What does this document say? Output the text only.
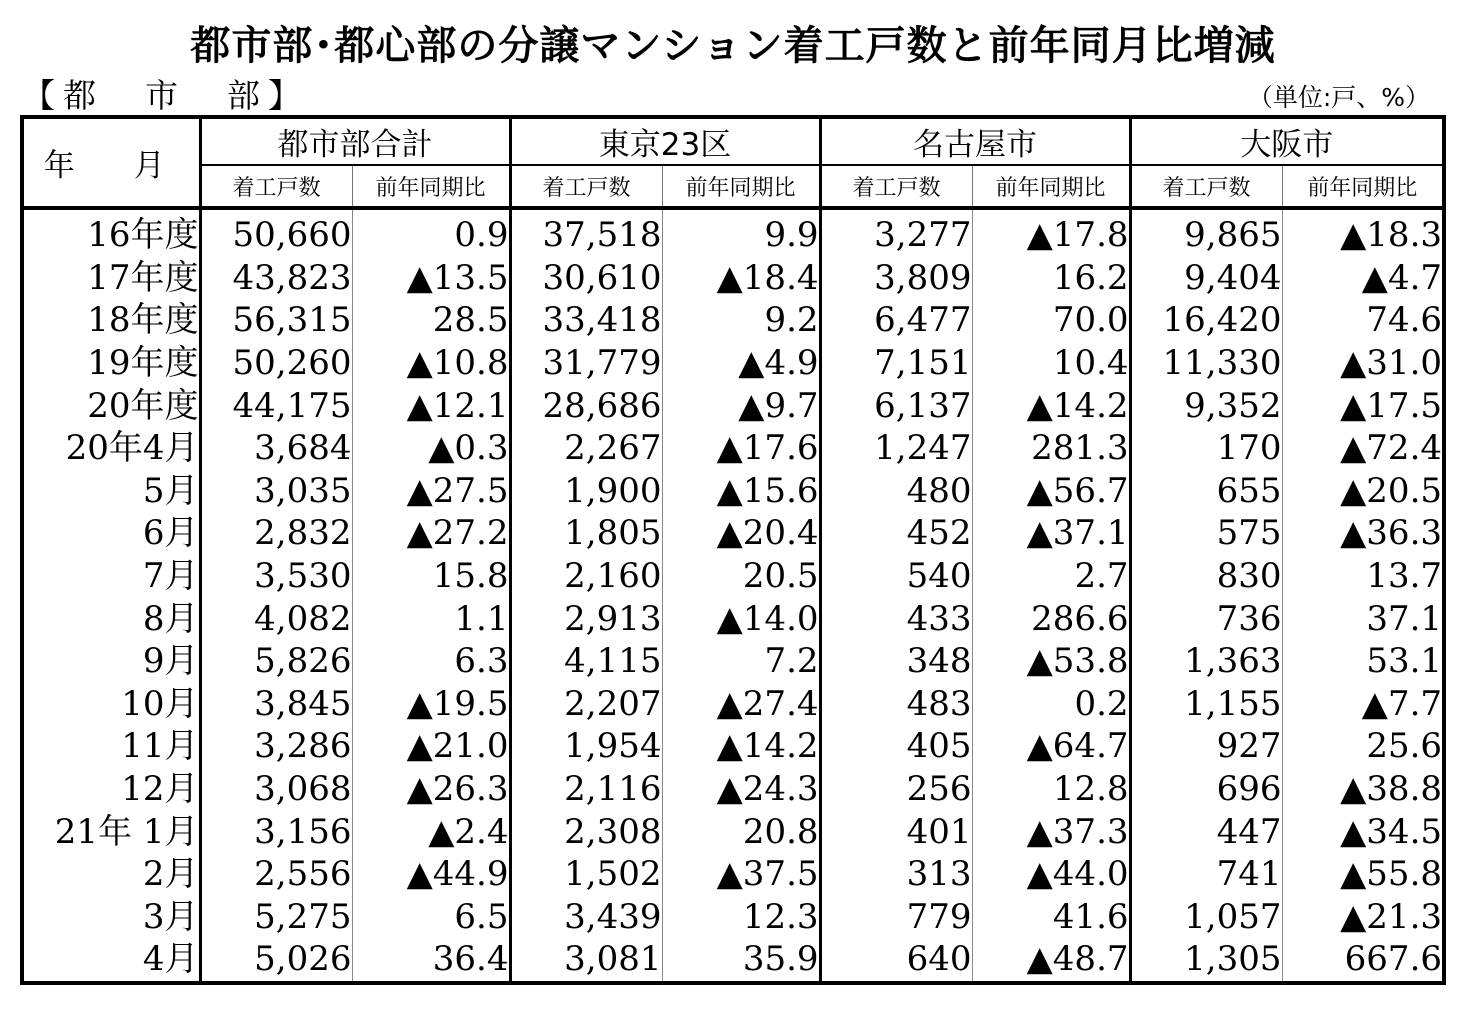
都市部･都心部の分譲マンション着工戸数と前年同月比増減
【都　市　部】	（単位:戸、%）
年　月	都市部合計		東京23区		名古屋市		大阪市	
	着工戸数	前年同期比	着工戸数	前年同期比	着工戸数	前年同期比	着工戸数	前年同期比
16年度	50,660	0.9	37,518	9.9	3,277	▲17.8	9,865	▲18.3
17年度	43,823	▲13.5	30,610	▲18.4	3,809	16.2	9,404	▲4.7
18年度	56,315	28.5	33,418	9.2	6,477	70.0	16,420	74.6
19年度	50,260	▲10.8	31,779	▲4.9	7,151	10.4	11,330	▲31.0
20年度	44,175	▲12.1	28,686	▲9.7	6,137	▲14.2	9,352	▲17.5
20年4月	3,684	▲0.3	2,267	▲17.6	1,247	281.3	170	▲72.4
5月	3,035	▲27.5	1,900	▲15.6	480	▲56.7	655	▲20.5
6月	2,832	▲27.2	1,805	▲20.4	452	▲37.1	575	▲36.3
7月	3,530	15.8	2,160	20.5	540	2.7	830	13.7
8月	4,082	1.1	2,913	▲14.0	433	286.6	736	37.1
9月	5,826	6.3	4,115	7.2	348	▲53.8	1,363	53.1
10月	3,845	▲19.5	2,207	▲27.4	483	0.2	1,155	▲7.7
11月	3,286	▲21.0	1,954	▲14.2	405	▲64.7	927	25.6
12月	3,068	▲26.3	2,116	▲24.3	256	12.8	696	▲38.8
21年 1月	3,156	▲2.4	2,308	20.8	401	▲37.3	447	▲34.5
2月	2,556	▲44.9	1,502	▲37.5	313	▲44.0	741	▲55.8
3月	5,275	6.5	3,439	12.3	779	41.6	1,057	▲21.3
4月	5,026	36.4	3,081	35.9	640	▲48.7	1,305	667.6
